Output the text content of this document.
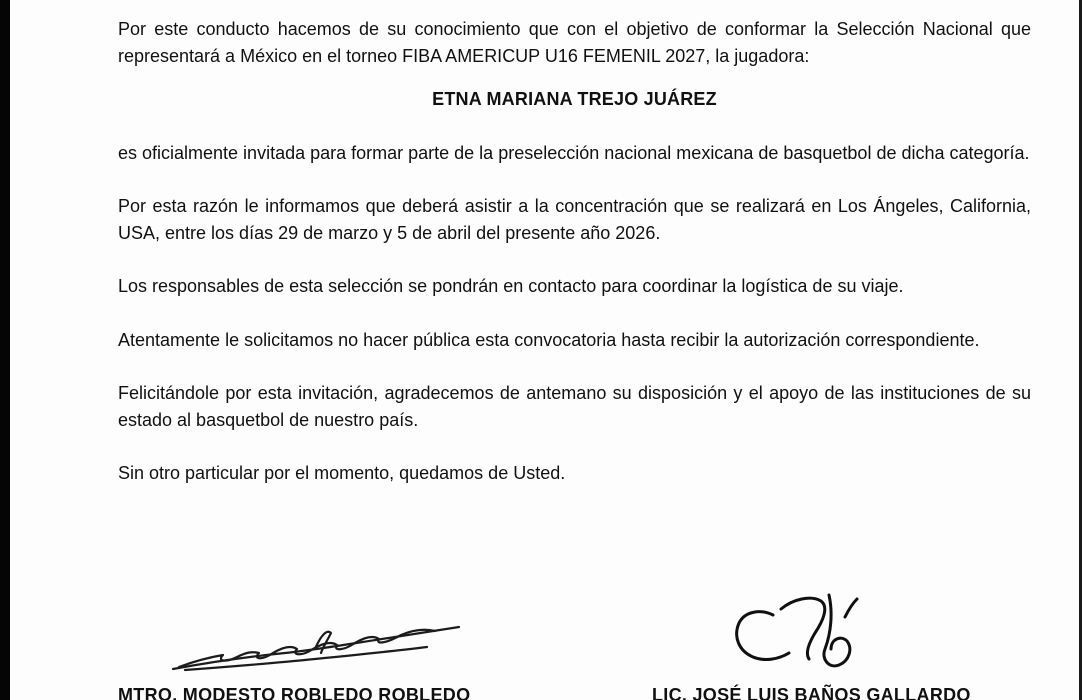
Por este conducto hacemos de su conocimiento que con el objetivo de conformar la Selección Nacional que representará a México en el torneo FIBA AMERICUP U16 FEMENIL 2027, la jugadora:

ETNA MARIANA TREJO JUÁREZ

es oficialmente invitada para formar parte de la preselección nacional mexicana de basquetbol de dicha categoría.

Por esta razón le informamos que deberá asistir a la concentración que se realizará en Los Ángeles, California, USA, entre los días 29 de marzo y 5 de abril del presente año 2026.

Los responsables de esta selección se pondrán en contacto para coordinar la logística de su viaje.

Atentamente le solicitamos no hacer pública esta convocatoria hasta recibir la autorización correspondiente.

Felicitándole por esta invitación, agradecemos de antemano su disposición y el apoyo de las instituciones de su estado al basquetbol de nuestro país.

Sin otro particular por el momento, quedamos de Usted.

MTRO. MODESTO ROBLEDO ROBLEDO	LIC. JOSÉ LUIS BAÑOS GALLARDO
